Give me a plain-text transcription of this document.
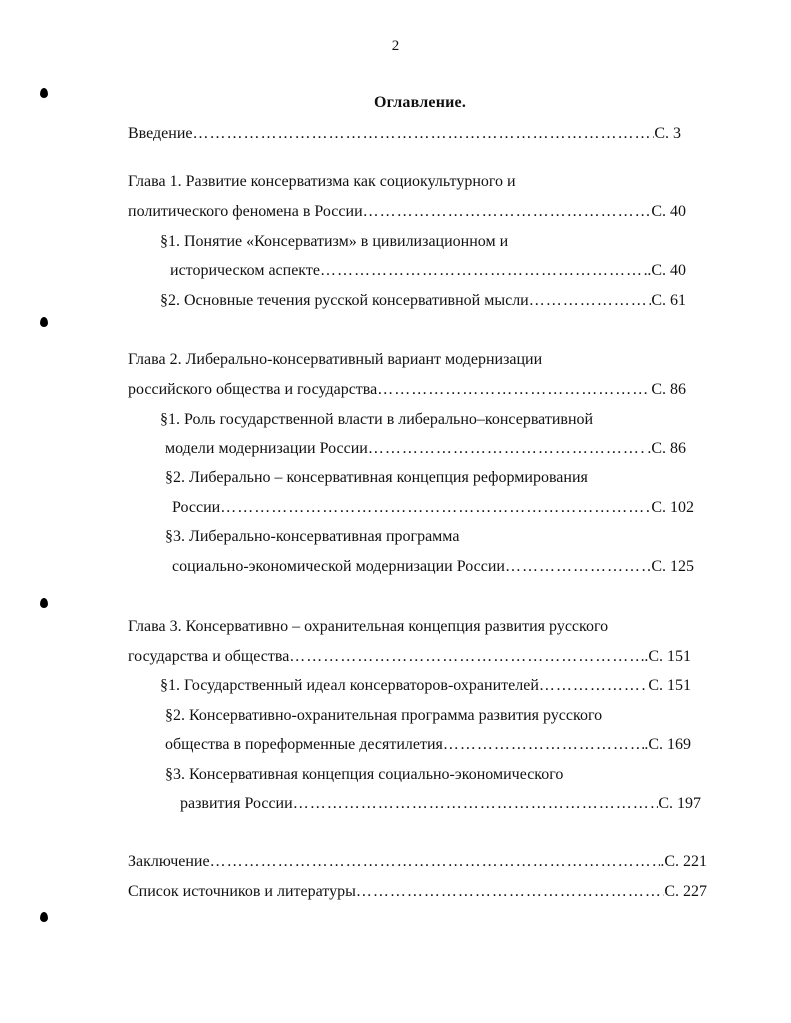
2
Оглавление.
Введение …………………………………………………………………………………………………………………………………………………………………………………………………………………………	С. 3
Глава 1. Развитие консерватизма как социокультурного и
политического феномена в России …………………………………………………………………………………………………………………………………………………………………………………………………………………………	С. 40
§1. Понятие «Консерватизм» в цивилизационном и
историческом аспекте …………………………………………………………………………………………………………………………………………………………………………………………………………………………	.С. 40
§2. Основные течения русской консервативной мысли …………………………………………………………………………………………………………………………………………………………………………………………………………………………	С. 61
Глава 2. Либерально-консервативный вариант модернизации
российского общества и государства …………………………………………………………………………………………………………………………………………………………………………………………………………………………	С. 86
§1. Роль государственной власти в либерально–консервативной
модели модернизации России …………………………………………………………………………………………………………………………………………………………………………………………………………………………	.С. 86
§2. Либерально – консервативная концепция реформирования
России …………………………………………………………………………………………………………………………………………………………………………………………………………………………	С. 102
§3. Либерально-консервативная программа
социально-экономической модернизации России …………………………………………………………………………………………………………………………………………………………………………………………………………………………	С. 125
Глава 3. Консервативно – охранительная концепция развития русского
государства и общества …………………………………………………………………………………………………………………………………………………………………………………………………………………………	.С. 151
§1. Государственный идеал консерваторов-охранителей …………………………………………………………………………………………………………………………………………………………………………………………………………………………	С. 151
§2. Консервативно-охранительная программа развития русского
общества в пореформенные десятилетия …………………………………………………………………………………………………………………………………………………………………………………………………………………………	.С. 169
§3. Консервативная концепция социально-экономического
развития России …………………………………………………………………………………………………………………………………………………………………………………………………………………………	С. 197
Заключение …………………………………………………………………………………………………………………………………………………………………………………………………………………………	.С. 221
Список источников и литературы …………………………………………………………………………………………………………………………………………………………………………………………………………………………	С. 227
